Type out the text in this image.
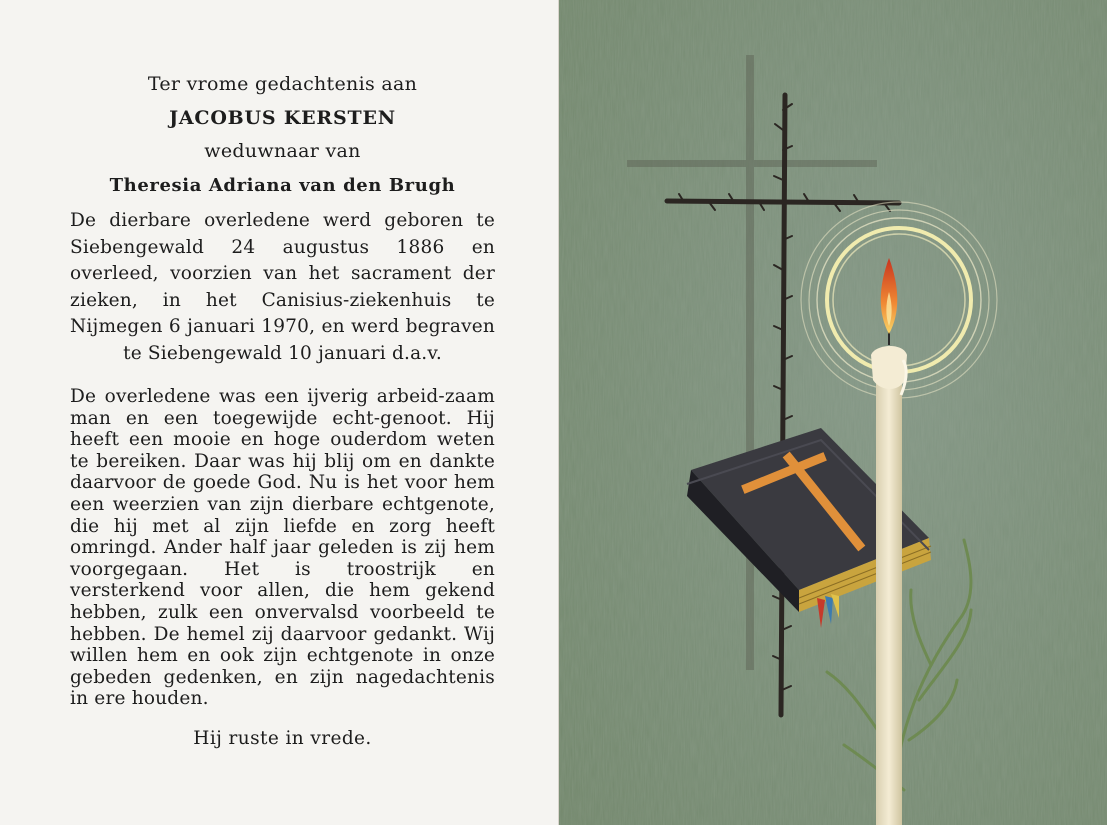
Ter vrome gedachtenis aan

JACOBUS KERSTEN

weduwnaar van

Theresia Adriana van den Brugh

De dierbare overledene werd geboren te Siebengewald 24 augustus 1886 en overleed, voorzien van het sacrament der zieken, in het Canisius-ziekenhuis te Nijmegen 6 januari 1970, en werd begraven te Siebengewald 10 januari d.a.v.

De overledene was een ijverig arbeid-zaam man en een toegewijde echt-genoot. Hij heeft een mooie en hoge ouderdom weten te bereiken. Daar was hij blij om en dankte daarvoor de goede God. Nu is het voor hem een weerzien van zijn dierbare echtgenote, die hij met al zijn liefde en zorg heeft omringd. Ander half jaar geleden is zij hem voorgegaan. Het is troostrijk en versterkend voor allen, die hem gekend hebben, zulk een onvervalsd voorbeeld te hebben. De hemel zij daarvoor gedankt. Wij willen hem en ook zijn echtgenote in onze gebeden gedenken, en zijn nagedachtenis in ere houden.

Hij ruste in vrede.
